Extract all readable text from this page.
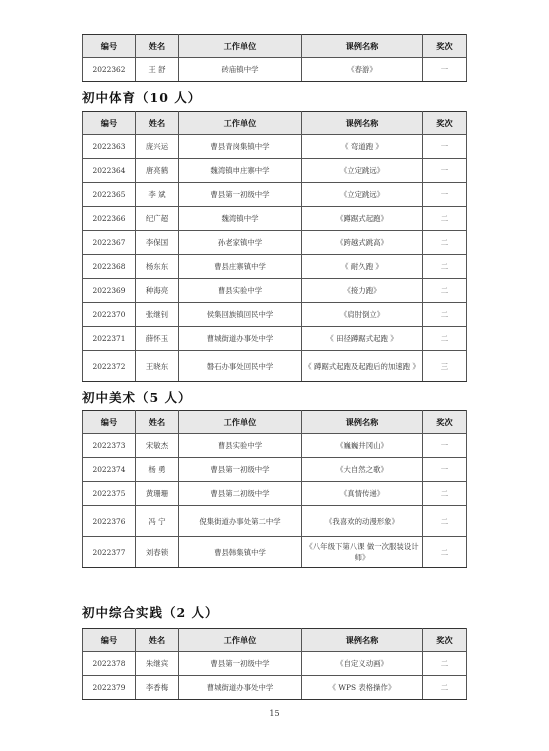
初中体育（10 人）
初中美术（5 人）
初中综合实践（2 人）
编号	姓名	工作单位	课例名称	奖次
2022362	王 舒	砖庙镇中学	《春游》	一
编号	姓名	工作单位	课例名称	奖次
2022363	庞兴运	曹县青岗集镇中学	《 弯道跑 》	一
2022364	唐亮鹤	魏湾镇申庄寨中学	《立定跳远》	一
2022365	李 斌	曹县第一初级中学	《立定跳远》	一
2022366	纪广超	魏湾镇中学	《蹲踞式起跑》	二
2022367	李保国	孙老家镇中学	《跨越式跳高》	二
2022368	杨东东	曹县庄寨镇中学	《 耐久跑 》	二
2022369	种海亮	曹县实验中学	《接力跑》	二
2022370	张继钊	侯集回族镇回民中学	《肩肘倒立》	二
2022371	薛怀玉	曹城街道办事处中学	《 田径蹲踞式起跑 》	二
2022372	王晓东	磐石办事处回民中学	《 蹲踞式起跑及起跑后的加速跑 》	三
编号	姓名	工作单位	课例名称	奖次
2022373	宋敏杰	曹县实验中学	《巍巍井冈山》	一
2022374	杨 勇	曹县第一初级中学	《大自然之歌》	一
2022375	黄珊珊	曹县第二初级中学	《真情传递》	二
2022376	冯 宁	倪集街道办事处第二中学	《我喜欢的动漫形象》	二
2022377	刘春锁	曹县韩集镇中学	《八年级下第八课 做一次服装设计师》	二
编号	姓名	工作单位	课例名称	奖次
2022378	朱继宾	曹县第一初级中学	《自定义动画》	二
2022379	李香梅	曹城街道办事处中学	《 WPS 表格操作》	二
15
